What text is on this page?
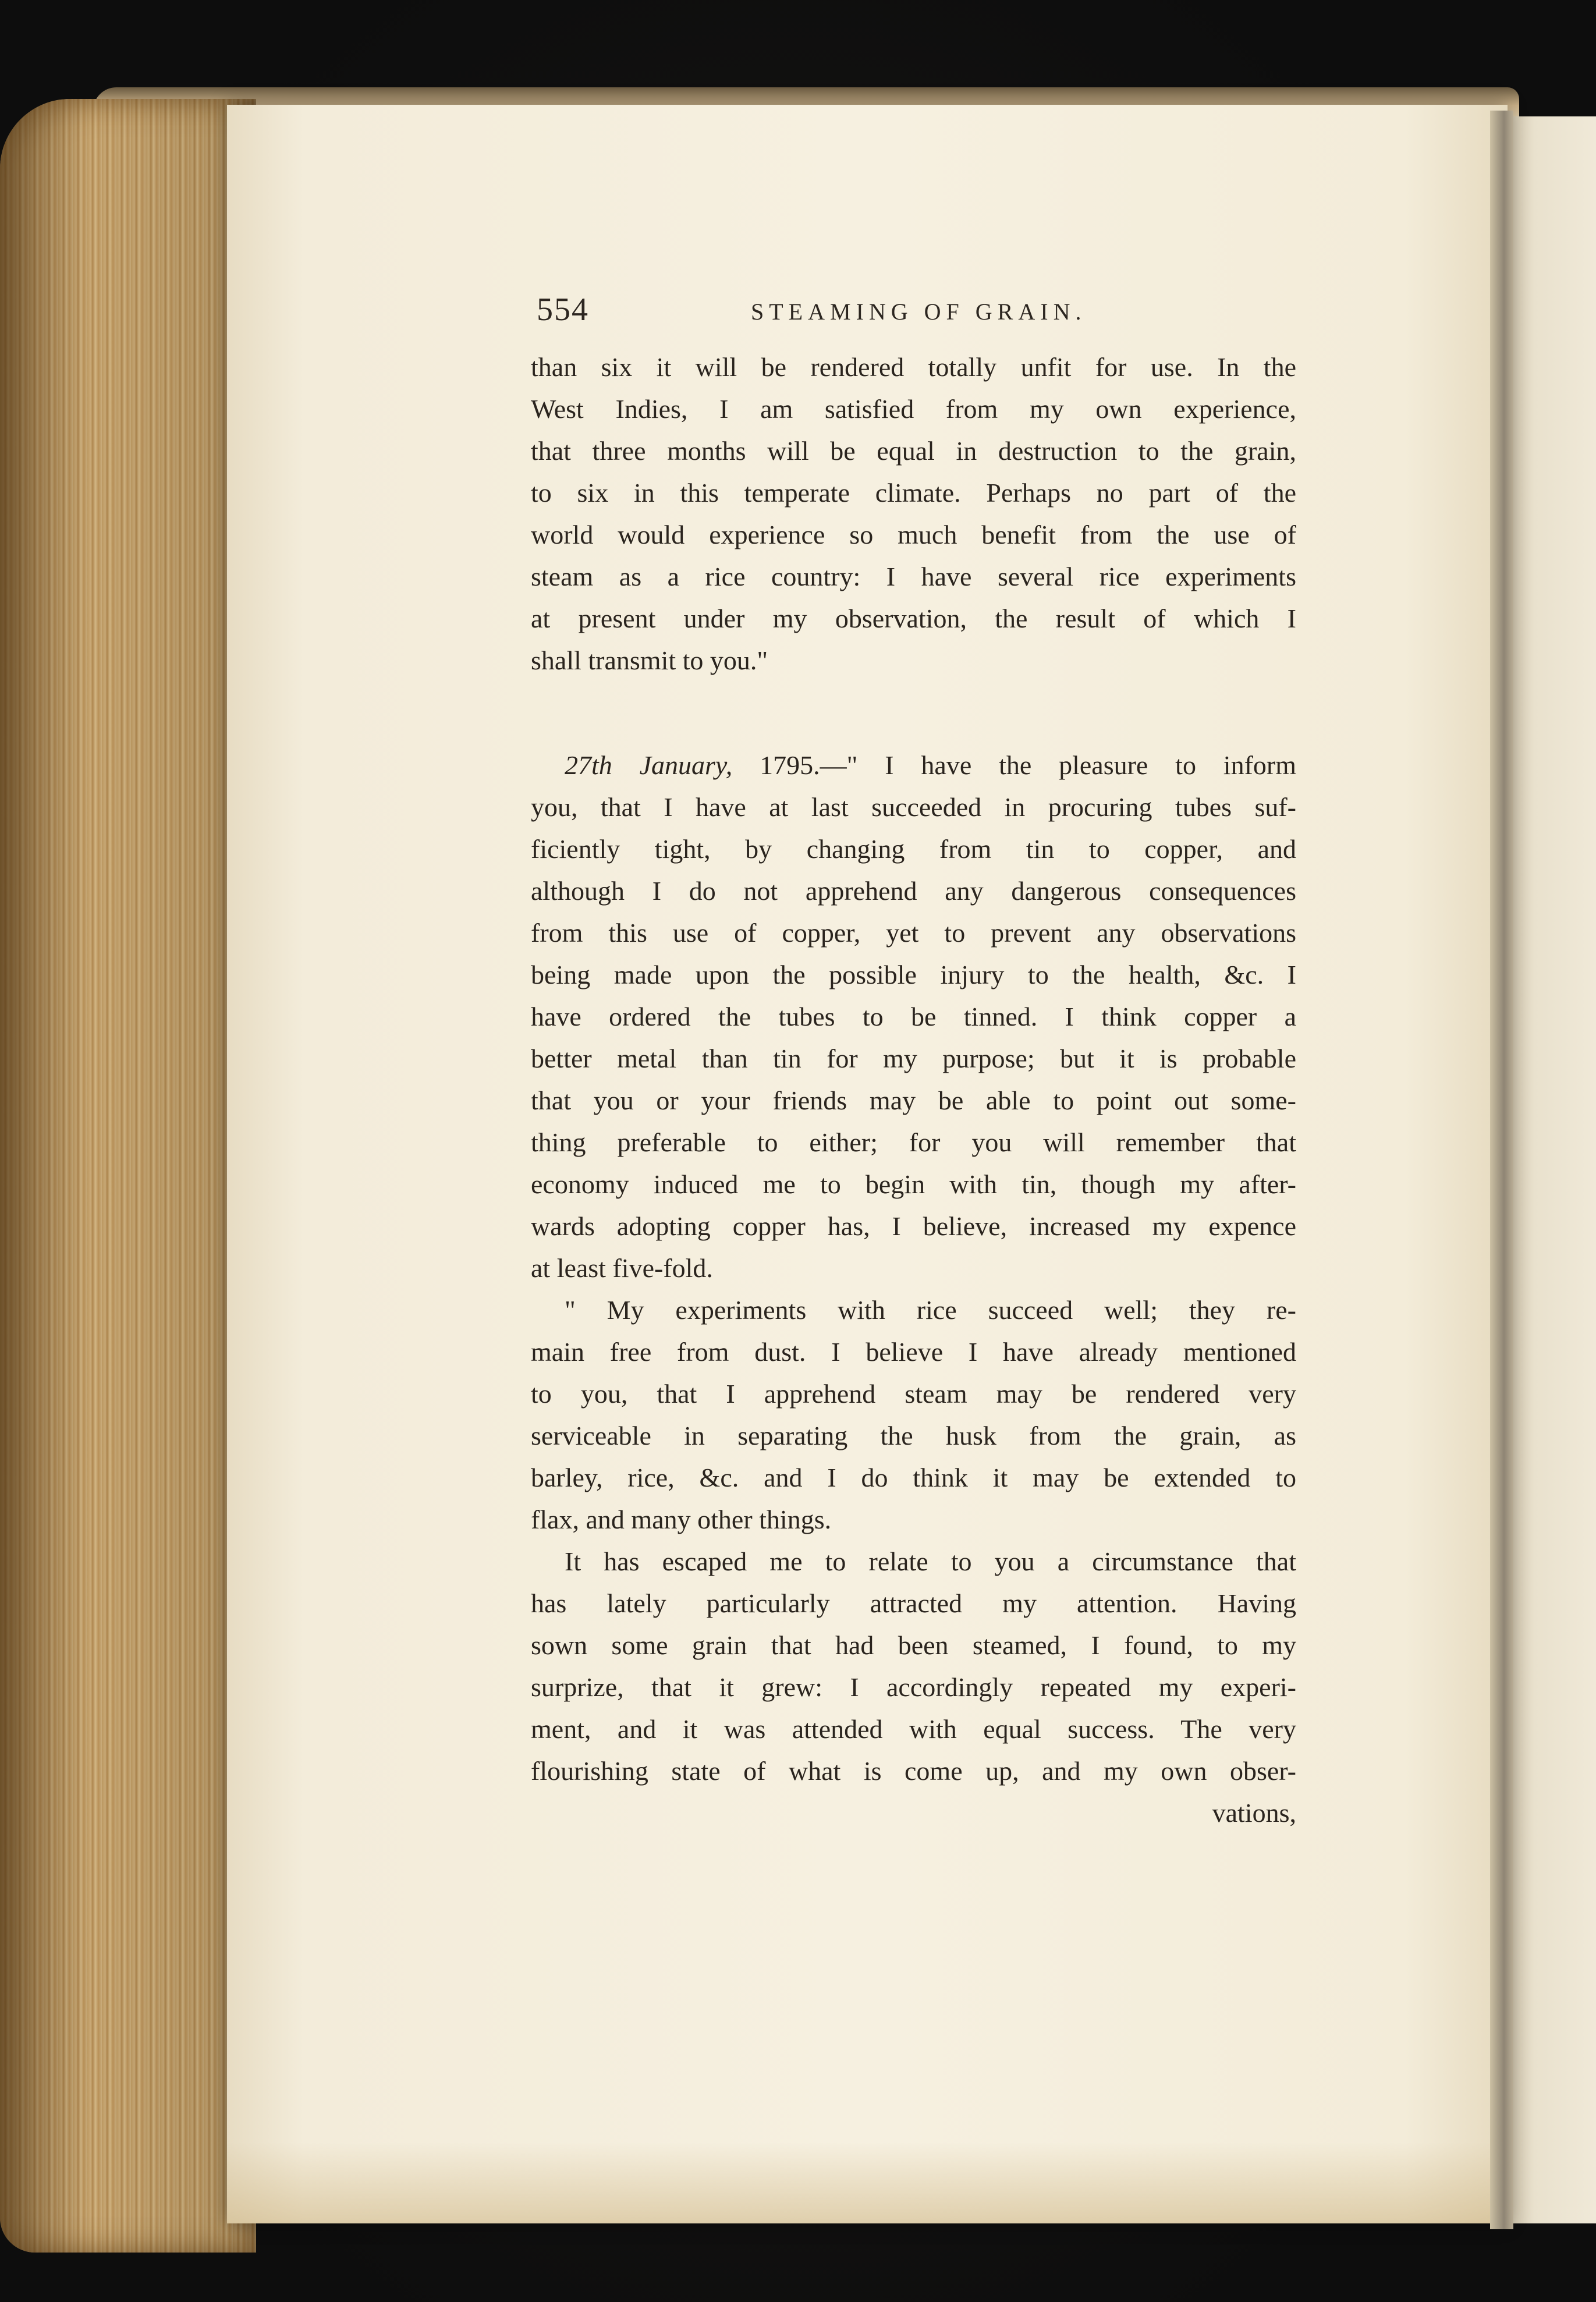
554	STEAMING OF GRAIN.
than six it will be rendered totally unfit for use. In the
West Indies, I am satisfied from my own experience,
that three months will be equal in destruction to the grain,
to six in this temperate climate. Perhaps no part of the
world would experience so much benefit from the use of
steam as a rice country: I have several rice experiments
at present under my observation, the result of which I
shall transmit to you."
27th January, 1795.—" I have the pleasure to inform
you, that I have at last succeeded in procuring tubes suf-
ficiently tight, by changing from tin to copper, and
although I do not apprehend any dangerous consequences
from this use of copper, yet to prevent any observations
being made upon the possible injury to the health, &c. I
have ordered the tubes to be tinned. I think copper a
better metal than tin for my purpose; but it is probable
that you or your friends may be able to point out some-
thing preferable to either; for you will remember that
economy induced me to begin with tin, though my after-
wards adopting copper has, I believe, increased my expence
at least five-fold.
" My experiments with rice succeed well; they re-
main free from dust. I believe I have already mentioned
to you, that I apprehend steam may be rendered very
serviceable in separating the husk from the grain, as
barley, rice, &c. and I do think it may be extended to
flax, and many other things.
It has escaped me to relate to you a circumstance that
has lately particularly attracted my attention. Having
sown some grain that had been steamed, I found, to my
surprize, that it grew: I accordingly repeated my experi-
ment, and it was attended with equal success. The very
flourishing state of what is come up, and my own obser-
vations,
